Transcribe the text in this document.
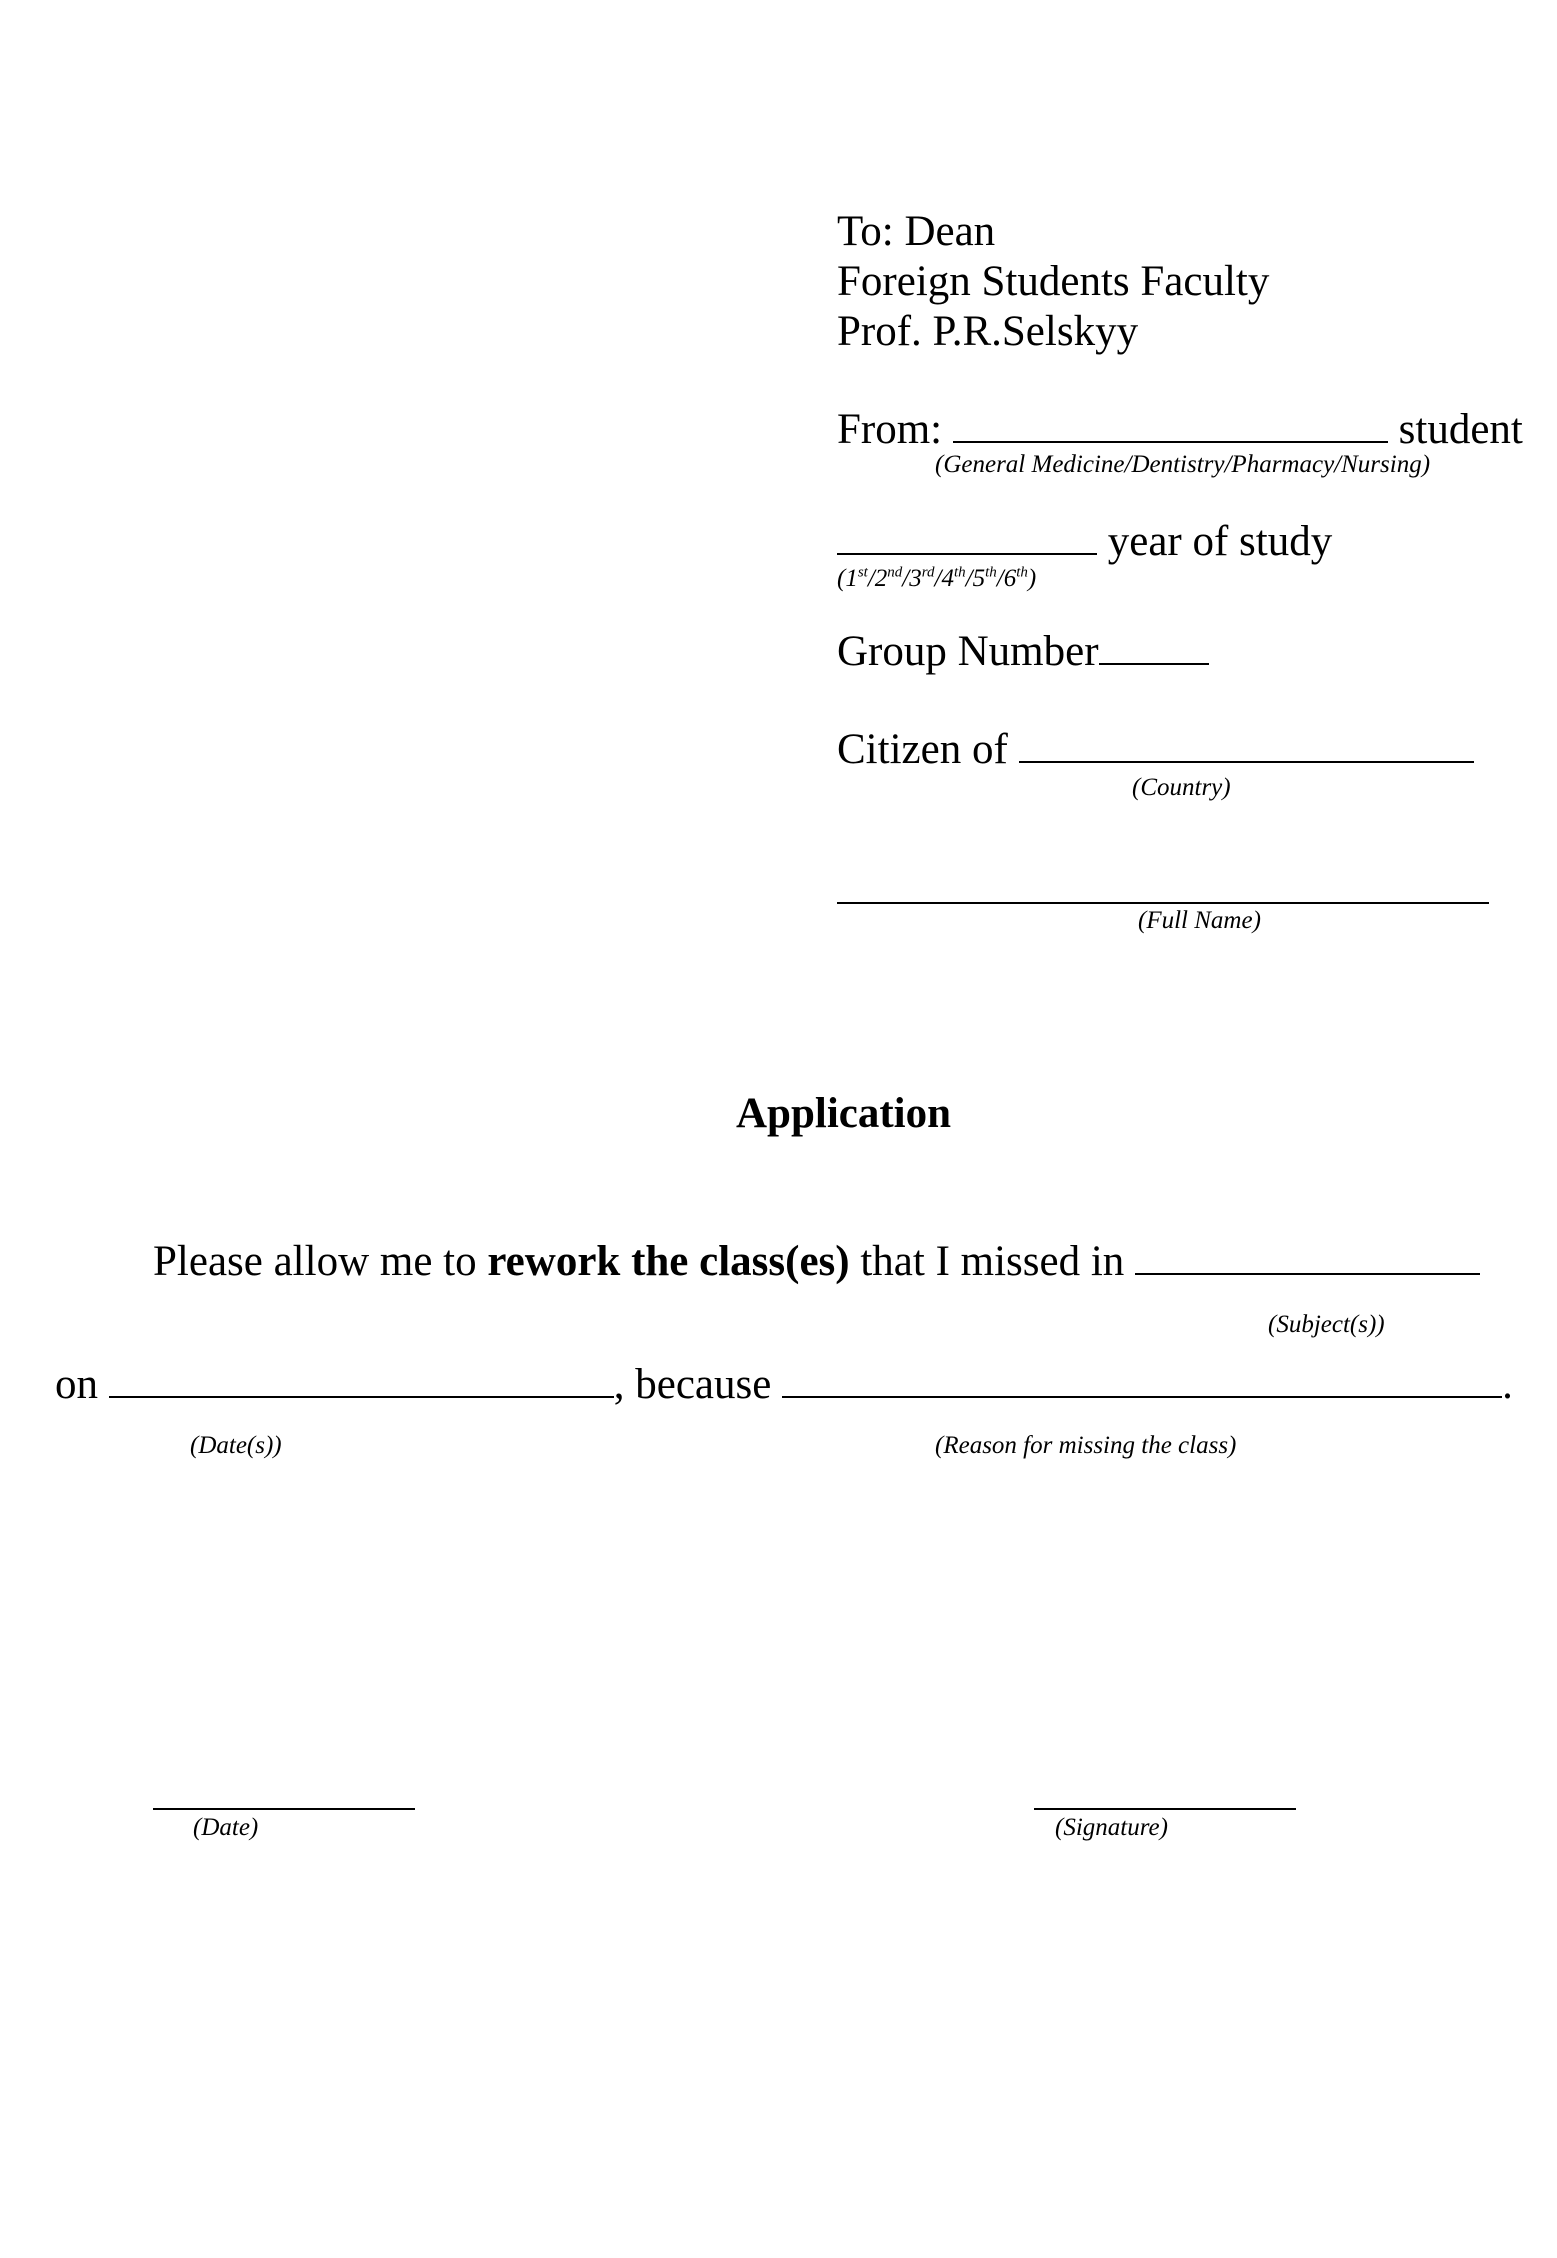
To: Dean
Foreign Students Faculty
Prof. P.R.Selskyy
From:	student
(General Medicine/Dentistry/Pharmacy/Nursing)
year of study
(1st/2nd/3rd/4th/5th/6th)
Group Number
Citizen of
(Country)
(Full Name)
Application
Please allow me to rework the class(es) that I missed in
(Subject(s))
on	, because	.
(Date(s))	(Reason for missing the class)
(Date)	(Signature)
